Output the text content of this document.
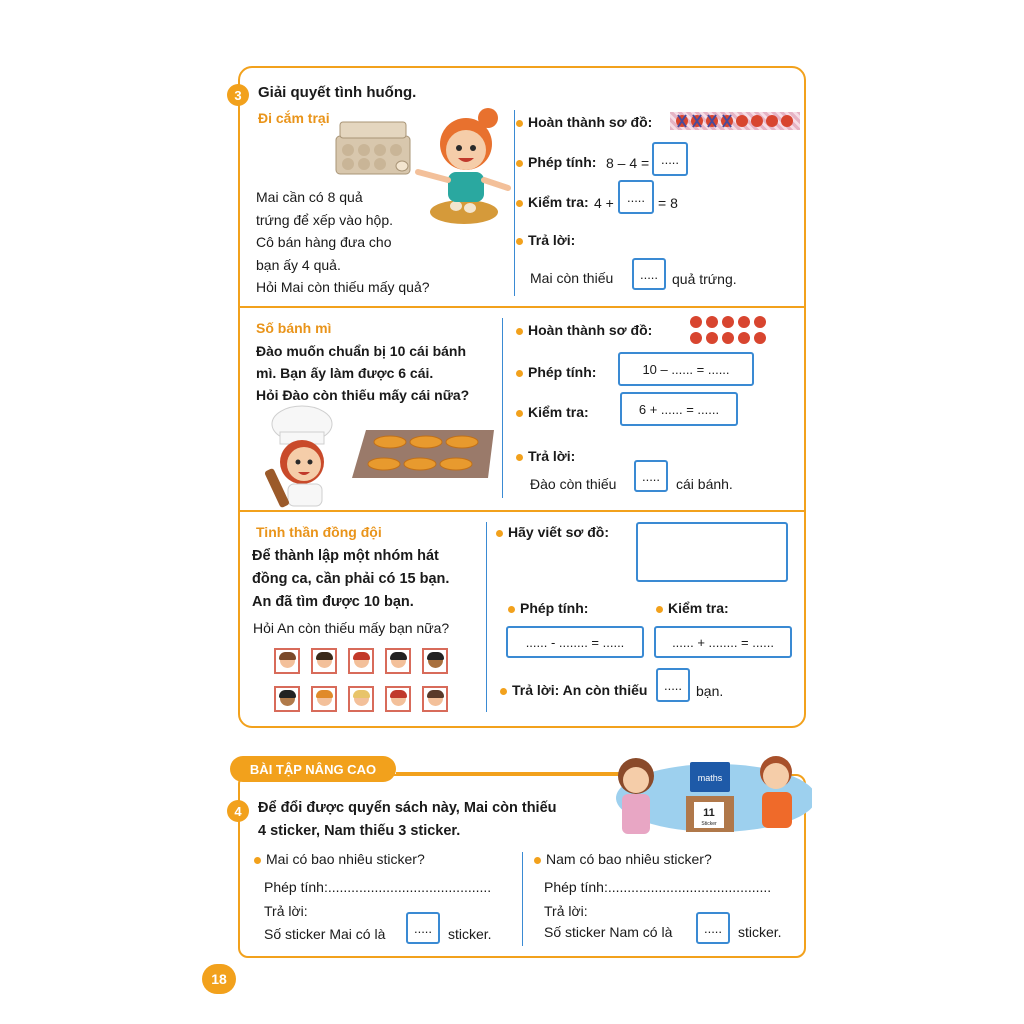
3	Giải quyết tình huống.
Đi cắm trại
Mai cần có 8 quả
trứng để xếp vào hộp.
Cô bán hàng đưa cho
bạn ấy 4 quả.
Hỏi Mai còn thiếu mấy quả?
Hoàn thành sơ đồ:
Phép tính: 8 – 4 = .....
Kiểm tra: 4 +	..... = 8
Trả lời:
Mai còn thiếu	..... quả trứng.
Số bánh mì
Đào muốn chuẩn bị 10 cái bánh
mì. Bạn ấy làm được 6 cái.
Hỏi Đào còn thiếu mấy cái nữa?
Hoàn thành sơ đồ:
Phép tính:	10 – ...... = ......
Kiểm tra:	6 + ...... = ......
Trả lời:
Đào còn thiếu	.....	cái bánh.
Tinh thần đồng đội
Để thành lập một nhóm hát
đồng ca, cần phải có 15 bạn.
An đã tìm được 10 bạn.
Hỏi An còn thiếu mấy bạn nữa?
Hãy viết sơ đồ:
Phép tính:	Kiểm tra:
...... - ........ = ......	...... + ........ = ......
Trả lời: An còn thiếu	..... bạn.
BÀI TẬP NÂNG CAO
maths
11
Sticker
4	Để đổi được quyển sách này, Mai còn thiếu
4 sticker, Nam thiếu 3 sticker.
Mai có bao nhiêu sticker?
Phép tính:..........................................
Trả lời:
Số sticker Mai có là	.....	sticker.
Nam có bao nhiêu sticker?
Phép tính:..........................................
Trả lời:
Số sticker Nam có là	.....	sticker.
18
